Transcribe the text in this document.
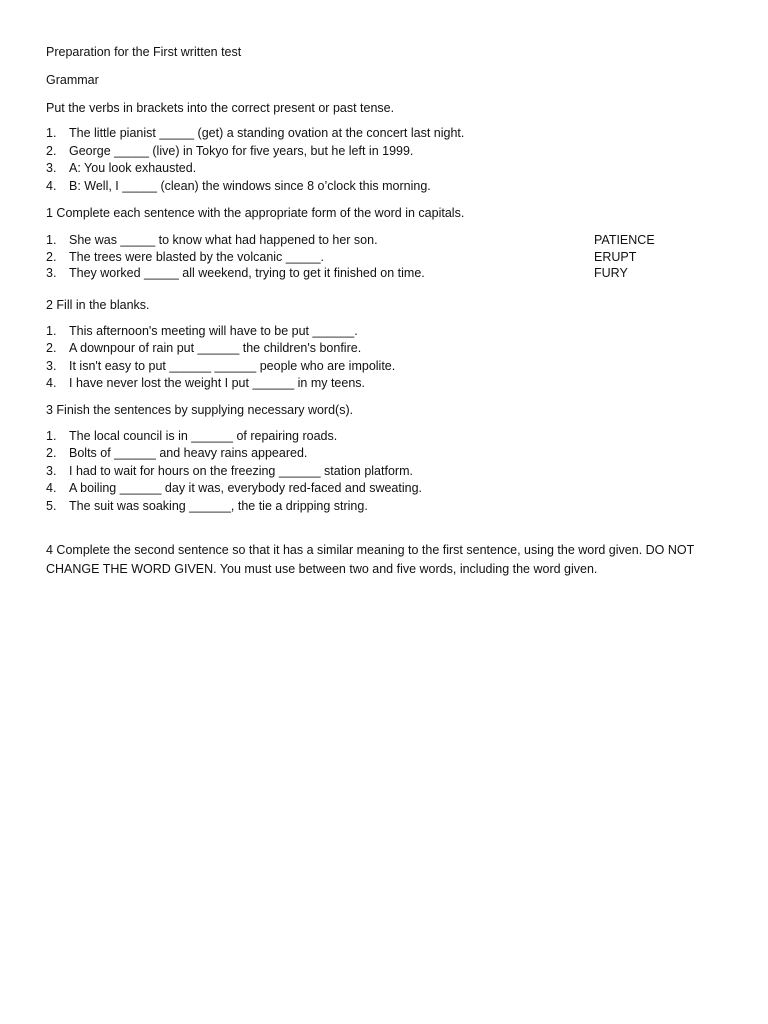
Preparation for the First written test
Grammar
Put the verbs in brackets into the correct present or past tense.
1. The little pianist _____ (get) a standing ovation at the concert last night.
2. George _____ (live) in Tokyo for five years, but he left in 1999.
3. A: You look exhausted.
4. B: Well, I _____ (clean) the windows since 8 o’clock this morning.
1 Complete each sentence with the appropriate form of the word in capitals.
1. She was _____ to know what had happened to her son.	PATIENCE
2. The trees were blasted by the volcanic _____.	ERUPT
3. They worked _____ all weekend, trying to get it finished on time.	FURY
2 Fill in the blanks.
1. This afternoon's meeting will have to be put ______.
2. A downpour of rain put ______ the children's bonfire.
3. It isn't easy to put ______ ______ people who are impolite.
4. I have never lost the weight I put ______ in my teens.
3 Finish the sentences by supplying necessary word(s).
1. The local council is in ______ of repairing roads.
2. Bolts of ______ and heavy rains appeared.
3. I had to wait for hours on the freezing ______ station platform.
4. A boiling ______ day it was, everybody red-faced and sweating.
5. The suit was soaking ______, the tie a dripping string.
4 Complete the second sentence so that it has a similar meaning to the first sentence, using the word given. DO NOT CHANGE THE WORD GIVEN. You must use between two and five words, including the word given.
